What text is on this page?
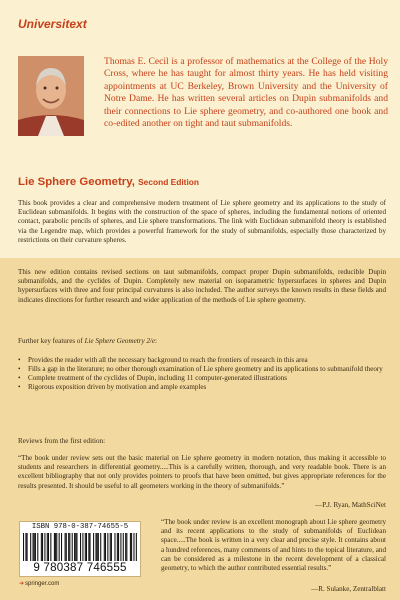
Universitext
Thomas E. Cecil is a professor of mathematics at the College of the Holy Cross, where he has taught for almost thirty years. He has held visiting appointments at UC Berkeley, Brown University and the University of Notre Dame. He has written several articles on Dupin submanifolds and their connections to Lie sphere geometry, and co-authored one book and co-edited another on tight and taut submanifolds.
Lie Sphere Geometry, Second Edition

This book provides a clear and comprehensive modern treatment of Lie sphere geometry and its applications to the study of Euclidean submanifolds. It begins with the construction of the space of spheres, including the fundamental notions of oriented contact, parabolic pencils of spheres, and Lie sphere transformations. The link with Euclidean submanifold theory is established via the Legendre map, which provides a powerful framework for the study of submanifolds, especially those characterized by restrictions on their curvature spheres.

This new edition contains revised sections on taut submanifolds, compact proper Dupin submanifolds, reducible Dupin submanifolds, and the cyclides of Dupin. Completely new material on isoparametric hypersurfaces in spheres and Dupin hypersurfaces with three and four principal curvatures is also included. The author surveys the known results in these fields and indicates directions for further research and wider application of the methods of Lie sphere geometry.

Further key features of Lie Sphere Geometry 2/e:
• Provides the reader with all the necessary background to reach the frontiers of research in this area
• Fills a gap in the literature; no other thorough examination of Lie sphere geometry and its applications to submanifold theory
• Complete treatment of the cyclides of Dupin, including 11 computer-generated illustrations
• Rigorous exposition driven by motivation and ample examples
Reviews from the first edition:

“The book under review sets out the basic material on Lie sphere geometry in modern notation, thus making it accessible to students and researchers in differential geometry.....This is a carefully written, thorough, and very readable book. There is an excellent bibliography that not only provides pointers to proofs that have been omitted, but gives appropriate references for the results presented. It should be useful to all geometers working in the theory of submanifolds.”

—P.J. Ryan, MathSciNet

“The book under review is an excellent monograph about Lie sphere geometry and its recent applications to the study of submanifolds of Euclidean space.....The book is written in a very clear and precise style. It contains about a hundred references, many comments of and hints to the topical literature, and can be considered as a milestone in the recent development of a classical geometry, to which the author contributed essential results.”

—R. Sulanke, Zentralblatt
ISBN 978-0-387-74655-5
9 780387 746555
➜springer.com
